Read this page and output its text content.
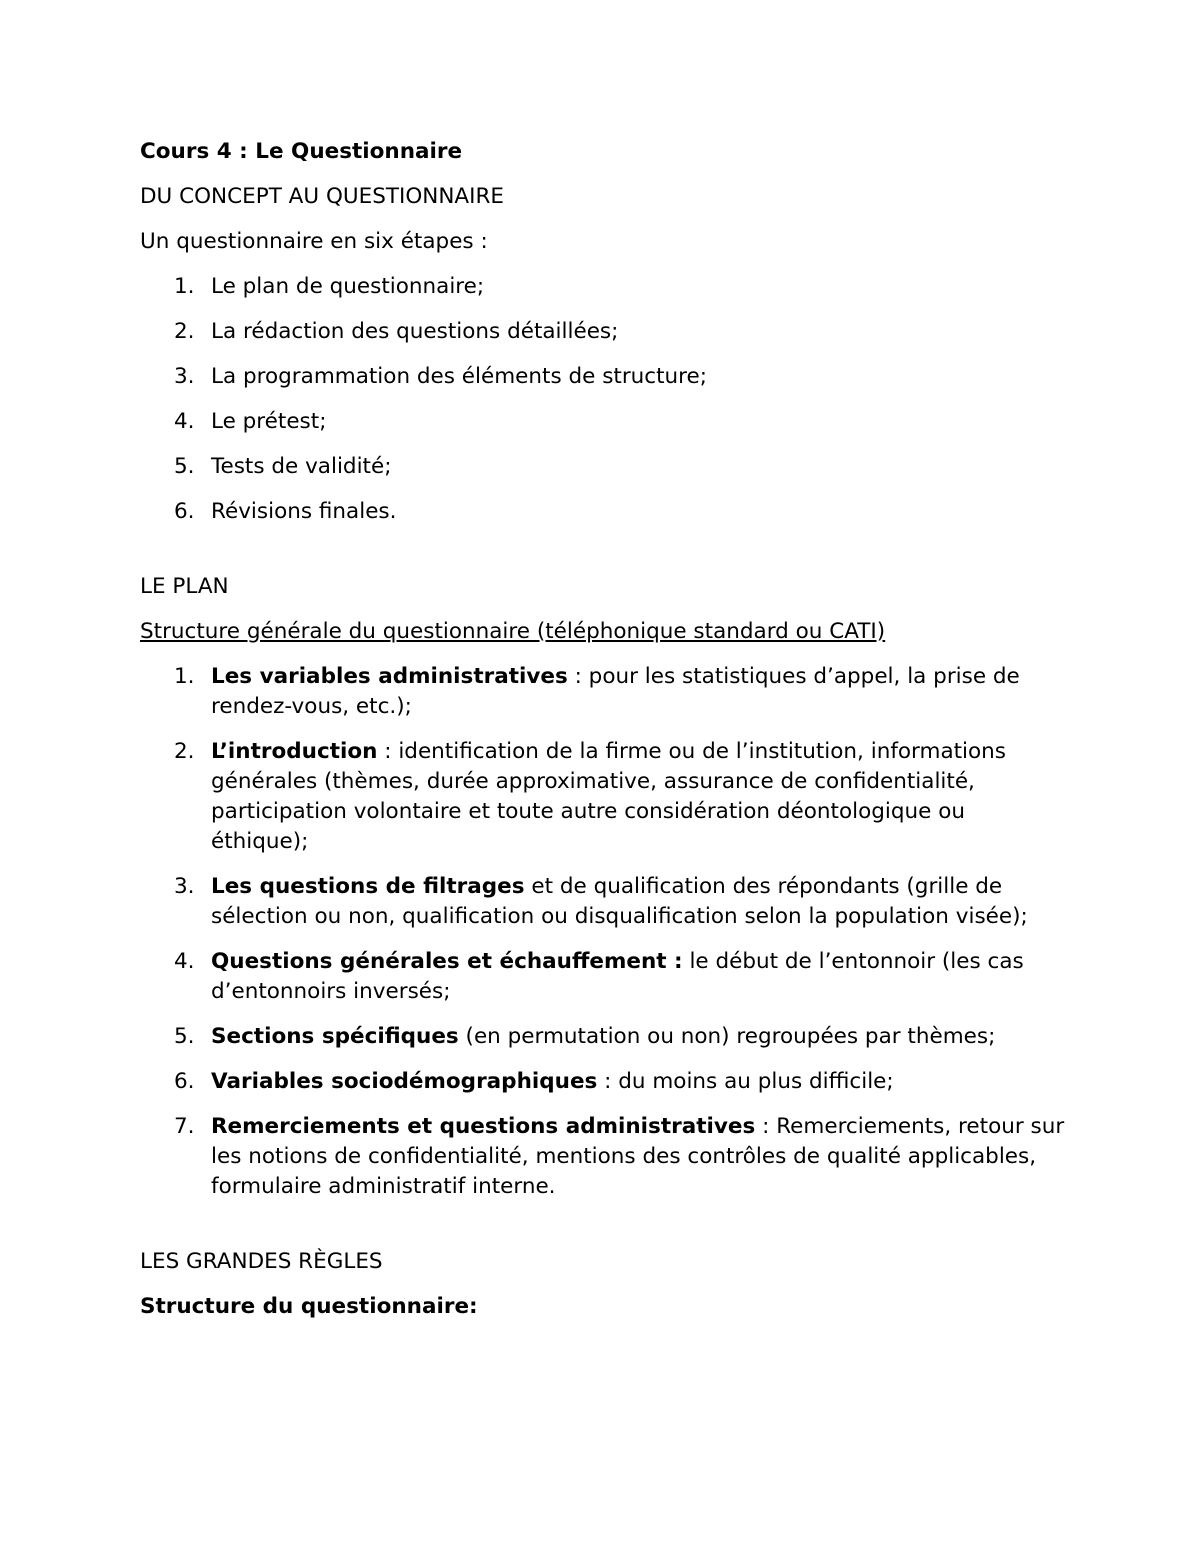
Cours 4 : Le Questionnaire

DU CONCEPT AU QUESTIONNAIRE

Un questionnaire en six étapes :

1. Le plan de questionnaire;
2. La rédaction des questions détaillées;
3. La programmation des éléments de structure;
4. Le prétest;
5. Tests de validité;
6. Révisions finales.

LE PLAN

Structure générale du questionnaire (téléphonique standard ou CATI)

1. Les variables administratives : pour les statistiques d’appel, la prise de rendez-vous, etc.);
2. L’introduction : identification de la firme ou de l’institution, informations générales (thèmes, durée approximative, assurance de confidentialité, participation volontaire et toute autre considération déontologique ou éthique);
3. Les questions de filtrages et de qualification des répondants (grille de sélection ou non, qualification ou disqualification selon la population visée);
4. Questions générales et échauffement : le début de l’entonnoir (les cas d’entonnoirs inversés;
5. Sections spécifiques (en permutation ou non) regroupées par thèmes;
6. Variables sociodémographiques : du moins au plus difficile;
7. Remerciements et questions administratives : Remerciements, retour sur les notions de confidentialité, mentions des contrôles de qualité applicables, formulaire administratif interne.

LES GRANDES RÈGLES

Structure du questionnaire:
